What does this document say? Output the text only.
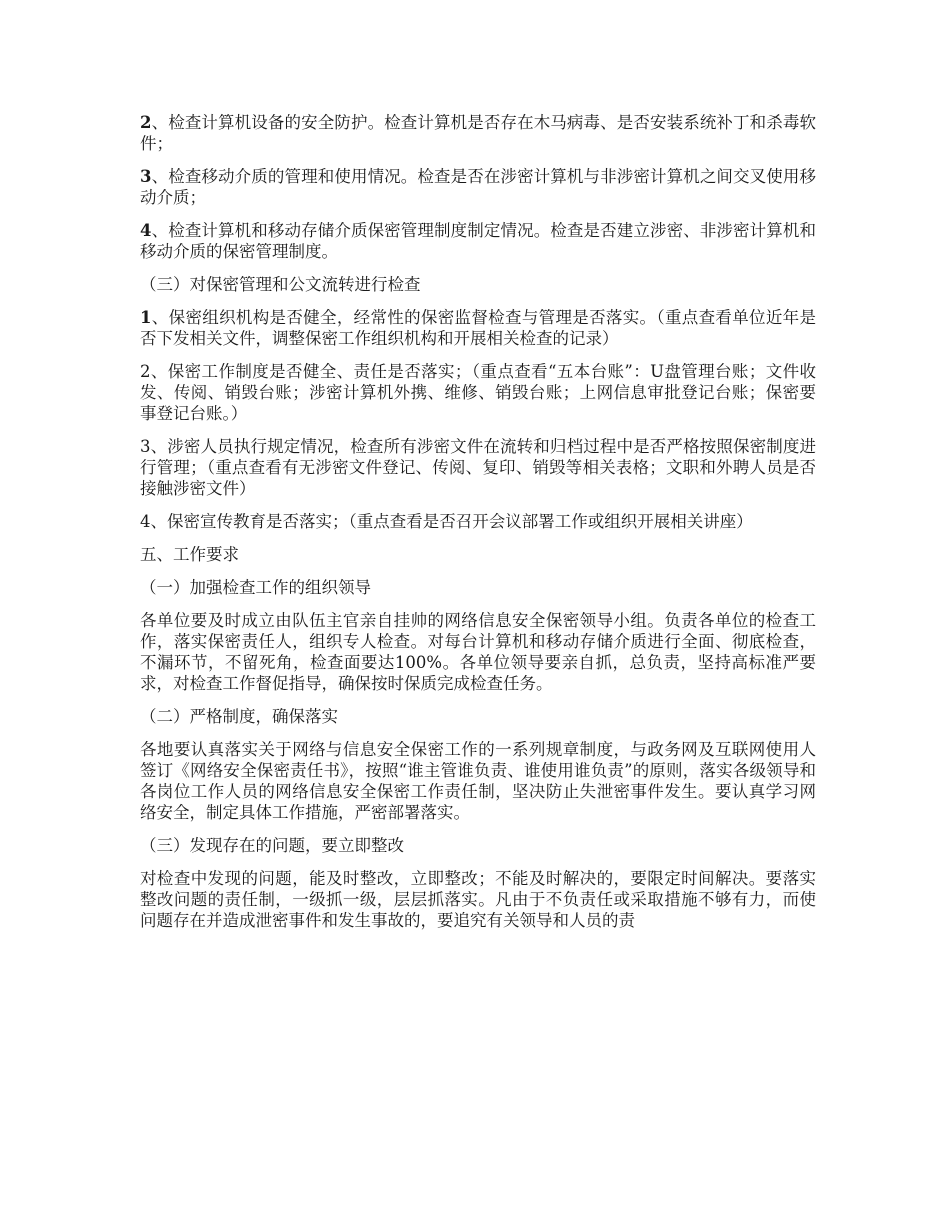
2、检查计算机设备的安全防护。检查计算机是否存在木马病毒、是否安装系统补丁和杀毒软件；

3、检查移动介质的管理和使用情况。检查是否在涉密计算机与非涉密计算机之间交叉使用移动介质；

4、检查计算机和移动存储介质保密管理制度制定情况。检查是否建立涉密、非涉密计算机和移动介质的保密管理制度。

（三）对保密管理和公文流转进行检查

1、保密组织机构是否健全，经常性的保密监督检查与管理是否落实。（重点查看单位近年是否下发相关文件，调整保密工作组织机构和开展相关检查的记录）

2、保密工作制度是否健全、责任是否落实；（重点查看“五本台账”：U盘管理台账；文件收发、传阅、销毁台账；涉密计算机外携、维修、销毁台账；上网信息审批登记台账；保密要事登记台账。）

3、涉密人员执行规定情况，检查所有涉密文件在流转和归档过程中是否严格按照保密制度进行管理；（重点查看有无涉密文件登记、传阅、复印、销毁等相关表格；文职和外聘人员是否接触涉密文件）

4、保密宣传教育是否落实；（重点查看是否召开会议部署工作或组织开展相关讲座）

五、工作要求

（一）加强检查工作的组织领导

各单位要及时成立由队伍主官亲自挂帅的网络信息安全保密领导小组。负责各单位的检查工作，落实保密责任人，组织专人检查。对每台计算机和移动存储介质进行全面、彻底检查，不漏环节，不留死角，检查面要达100%。各单位领导要亲自抓，总负责，坚持高标准严要求，对检查工作督促指导，确保按时保质完成检查任务。

（二）严格制度，确保落实

各地要认真落实关于网络与信息安全保密工作的一系列规章制度，与政务网及互联网使用人签订《网络安全保密责任书》，按照“谁主管谁负责、谁使用谁负责”的原则，落实各级领导和各岗位工作人员的网络信息安全保密工作责任制，坚决防止失泄密事件发生。要认真学习网络安全，制定具体工作措施，严密部署落实。

（三）发现存在的问题，要立即整改

对检查中发现的问题，能及时整改，立即整改；不能及时解决的，要限定时间解决。要落实整改问题的责任制，一级抓一级，层层抓落实。凡由于不负责任或采取措施不够有力，而使问题存在并造成泄密事件和发生事故的，要追究有关领导和人员的责
